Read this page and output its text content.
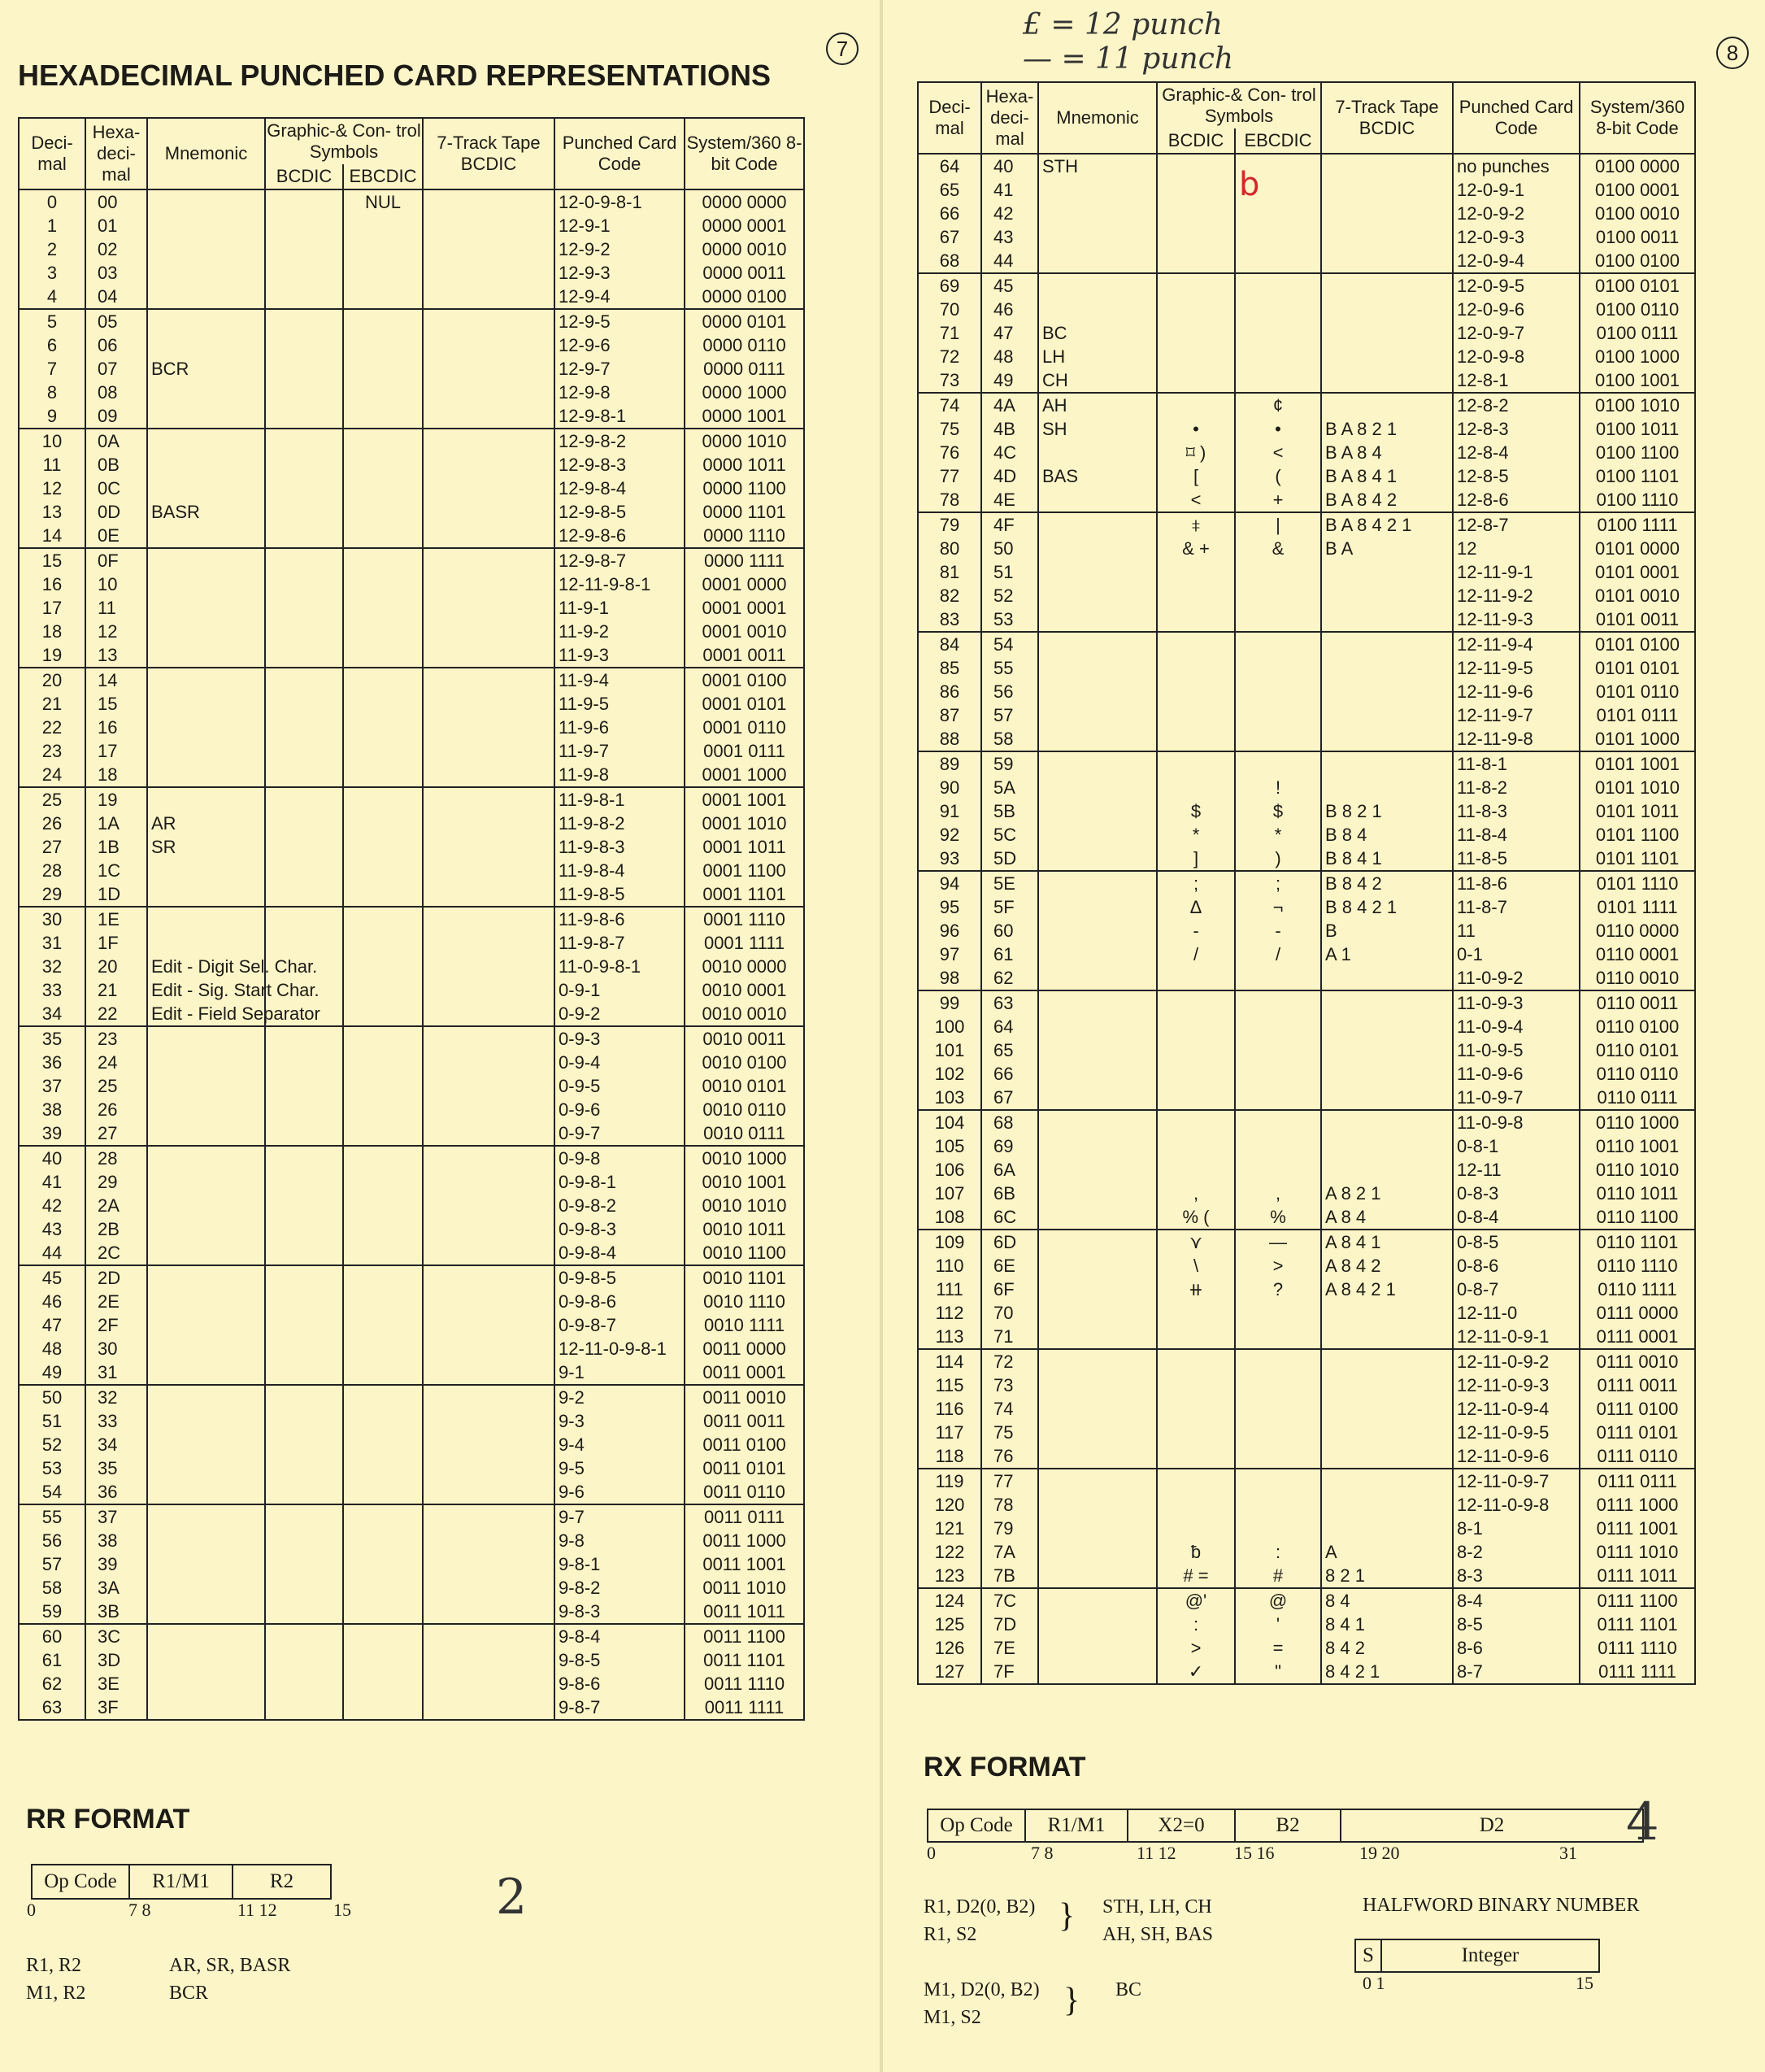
HEXADECIMAL PUNCHED CARD REPRESENTATIONS
7
Deci- mal	Hexa- deci- mal	Mnemonic	Graphic-& Con- trol Symbols		7-Track Tape BCDIC	Punched Card Code	System/360 8-bit Code
			BCDIC	EBCDIC			
0	00			NUL		12-0-9-8-1	0000 0000
1	01					12-9-1	0000 0001
2	02					12-9-2	0000 0010
3	03					12-9-3	0000 0011
4	04					12-9-4	0000 0100
5	05					12-9-5	0000 0101
6	06					12-9-6	0000 0110
7	07	BCR				12-9-7	0000 0111
8	08					12-9-8	0000 1000
9	09					12-9-8-1	0000 1001
10	0A					12-9-8-2	0000 1010
11	0B					12-9-8-3	0000 1011
12	0C					12-9-8-4	0000 1100
13	0D	BASR				12-9-8-5	0000 1101
14	0E					12-9-8-6	0000 1110
15	0F					12-9-8-7	0000 1111
16	10					12-11-9-8-1	0001 0000
17	11					11-9-1	0001 0001
18	12					11-9-2	0001 0010
19	13					11-9-3	0001 0011
20	14					11-9-4	0001 0100
21	15					11-9-5	0001 0101
22	16					11-9-6	0001 0110
23	17					11-9-7	0001 0111
24	18					11-9-8	0001 1000
25	19					11-9-8-1	0001 1001
26	1A	AR				11-9-8-2	0001 1010
27	1B	SR				11-9-8-3	0001 1011
28	1C					11-9-8-4	0001 1100
29	1D					11-9-8-5	0001 1101
30	1E					11-9-8-6	0001 1110
31	1F					11-9-8-7	0001 1111
32	20	Edit - Digit Sel. Char.				11-0-9-8-1	0010 0000
33	21	Edit - Sig. Start Char.				0-9-1	0010 0001
34	22	Edit - Field Separator				0-9-2	0010 0010
35	23					0-9-3	0010 0011
36	24					0-9-4	0010 0100
37	25					0-9-5	0010 0101
38	26					0-9-6	0010 0110
39	27					0-9-7	0010 0111
40	28					0-9-8	0010 1000
41	29					0-9-8-1	0010 1001
42	2A					0-9-8-2	0010 1010
43	2B					0-9-8-3	0010 1011
44	2C					0-9-8-4	0010 1100
45	2D					0-9-8-5	0010 1101
46	2E					0-9-8-6	0010 1110
47	2F					0-9-8-7	0010 1111
48	30					12-11-0-9-8-1	0011 0000
49	31					9-1	0011 0001
50	32					9-2	0011 0010
51	33					9-3	0011 0011
52	34					9-4	0011 0100
53	35					9-5	0011 0101
54	36					9-6	0011 0110
55	37					9-7	0011 0111
56	38					9-8	0011 1000
57	39					9-8-1	0011 1001
58	3A					9-8-2	0011 1010
59	3B					9-8-3	0011 1011
60	3C					9-8-4	0011 1100
61	3D					9-8-5	0011 1101
62	3E					9-8-6	0011 1110
63	3F					9-8-7	0011 1111
RR FORMAT
Op Code	R1/M1	R2
0	7 8	11 12	15	2
R1, R2	AR, SR, BASR
M1, R2	BCR
8
£ = 12 punch
— = 11 punch
Deci- mal	Hexa- deci- mal	Mnemonic	Graphic-& Con- trol Symbols		7-Track Tape BCDIC	Punched Card Code	System/360 8-bit Code
			BCDIC	EBCDIC			
64	40	STH				no punches	0100 0000
65	41					12-0-9-1	0100 0001
66	42					12-0-9-2	0100 0010
67	43					12-0-9-3	0100 0011
68	44					12-0-9-4	0100 0100
69	45					12-0-9-5	0100 0101
70	46					12-0-9-6	0100 0110
71	47	BC				12-0-9-7	0100 0111
72	48	LH				12-0-9-8	0100 1000
73	49	CH				12-8-1	0100 1001
74	4A	AH		¢		12-8-2	0100 1010
75	4B	SH	•	•	B A 8 2 1	12-8-3	0100 1011
76	4C		⌑ )	<	B A 8 4	12-8-4	0100 1100
77	4D	BAS	[	(	B A 8 4 1	12-8-5	0100 1101
78	4E		<	+	B A 8 4 2	12-8-6	0100 1110
79	4F		⧧	|	B A 8 4 2 1	12-8-7	0100 1111
80	50		& +	&	B A	12	0101 0000
81	51					12-11-9-1	0101 0001
82	52					12-11-9-2	0101 0010
83	53					12-11-9-3	0101 0011
84	54					12-11-9-4	0101 0100
85	55					12-11-9-5	0101 0101
86	56					12-11-9-6	0101 0110
87	57					12-11-9-7	0101 0111
88	58					12-11-9-8	0101 1000
89	59					11-8-1	0101 1001
90	5A			!		11-8-2	0101 1010
91	5B		$	$	B 8 2 1	11-8-3	0101 1011
92	5C		*	*	B 8 4	11-8-4	0101 1100
93	5D		]	)	B 8 4 1	11-8-5	0101 1101
94	5E		;	;	B 8 4 2	11-8-6	0101 1110
95	5F		Δ	¬	B 8 4 2 1	11-8-7	0101 1111
96	60		-	-	B	11	0110 0000
97	61		/	/	A 1	0-1	0110 0001
98	62					11-0-9-2	0110 0010
99	63					11-0-9-3	0110 0011
100	64					11-0-9-4	0110 0100
101	65					11-0-9-5	0110 0101
102	66					11-0-9-6	0110 0110
103	67					11-0-9-7	0110 0111
104	68					11-0-9-8	0110 1000
105	69					0-8-1	0110 1001
106	6A					12-11	0110 1010
107	6B		,	,	A 8 2 1	0-8-3	0110 1011
108	6C		% (	%	A 8 4	0-8-4	0110 1100
109	6D		⋎	—	A 8 4 1	0-8-5	0110 1101
110	6E		\	>	A 8 4 2	0-8-6	0110 1110
111	6F		⧺	?	A 8 4 2 1	0-8-7	0110 1111
112	70					12-11-0	0111 0000
113	71					12-11-0-9-1	0111 0001
114	72					12-11-0-9-2	0111 0010
115	73					12-11-0-9-3	0111 0011
116	74					12-11-0-9-4	0111 0100
117	75					12-11-0-9-5	0111 0101
118	76					12-11-0-9-6	0111 0110
119	77					12-11-0-9-7	0111 0111
120	78					12-11-0-9-8	0111 1000
121	79					8-1	0111 1001
122	7A		ƀ	:	A	8-2	0111 1010
123	7B		# =	#	8 2 1	8-3	0111 1011
124	7C		@'	@	8 4	8-4	0111 1100
125	7D		:	'	8 4 1	8-5	0111 1101
126	7E		>	=	8 4 2	8-6	0111 1110
127	7F		✓	"	8 4 2 1	8-7	0111 1111
b
RX FORMAT
Op Code	R1/M1	X2=0	B2	D2
0	7 8	11 12	15 16	19 20	31
4
R1, D2(0, B2)
R1, S2 } STH, LH, CH
AH, SH, BAS
M1, D2(0, B2)
M1, S2 } BC
HALFWORD BINARY NUMBER
S	Integer
0 1	15
